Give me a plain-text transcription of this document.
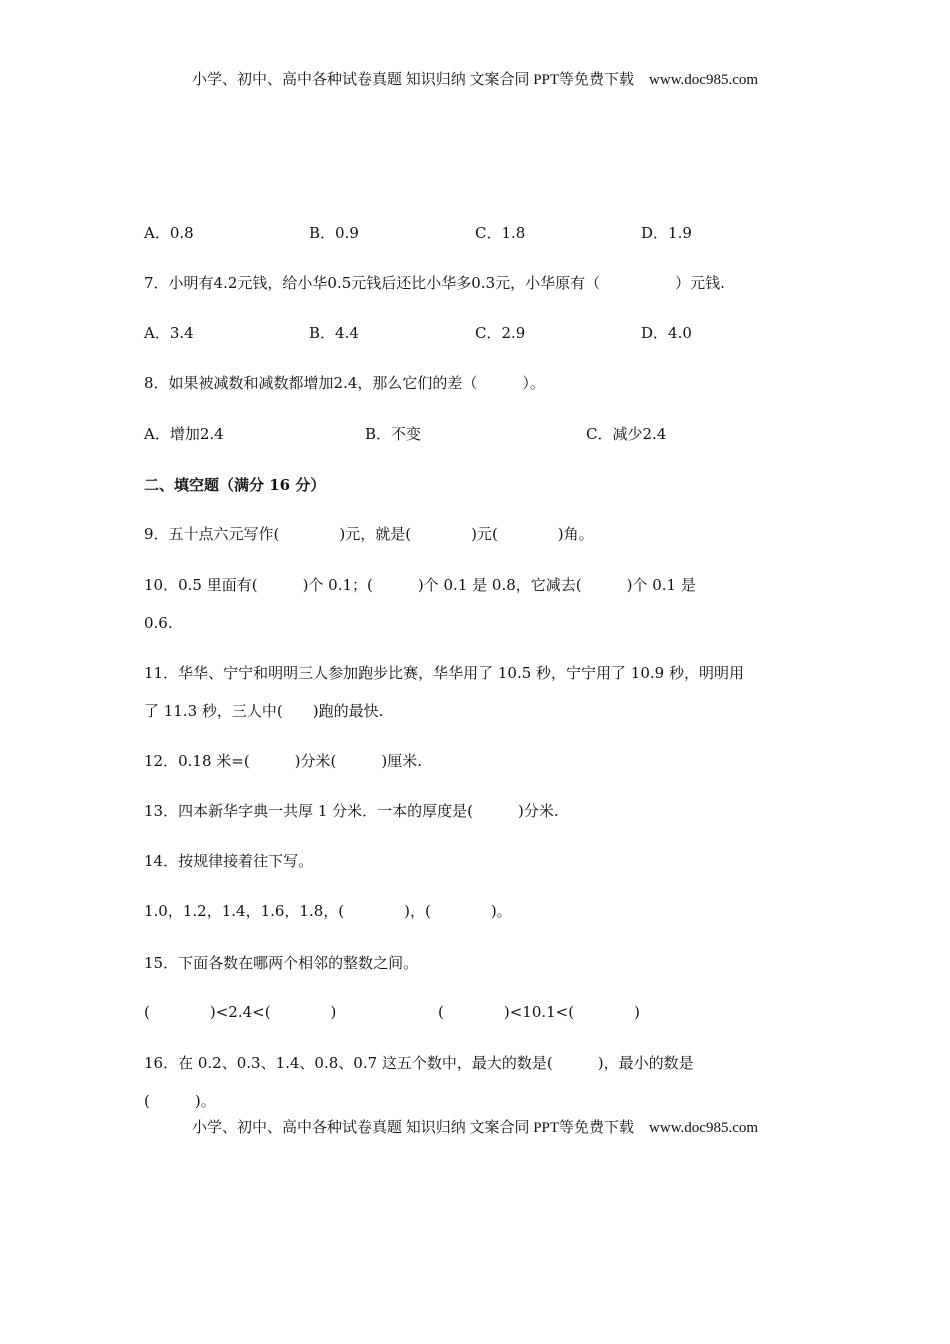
小学、初中、高中各种试卷真题 知识归纳 文案合同 PPT等免费下载    www.doc985.com
A．0.8	B．0.9	C．1.8	D．1.9
7．小明有4.2元钱，给小华0.5元钱后还比小华多0.3元，小华原有（　　　　　）元钱.
A．3.4	B．4.4	C．2.9	D．4.0
8．如果被减数和减数都增加2.4，那么它们的差（　　　）。
A．增加2.4	B．不变	C．减少2.4
二、填空题（满分 16 分）
9．五十点六元写作(　　　　)元，就是(　　　　)元(　　　　)角。
10．0.5 里面有(　　　)个 0.1；(　　　)个 0.1 是 0.8，它减去(　　　)个 0.1 是
0.6.
11．华华、宁宁和明明三人参加跑步比赛，华华用了 10.5 秒，宁宁用了 10.9 秒，明明用
了 11.3 秒，三人中(　　)跑的最快.
12．0.18 米=(　　　)分米(　　　)厘米.
13．四本新华字典一共厚 1 分米．一本的厚度是(　　　)分米.
14．按规律接着往下写。
1.0，1.2，1.4，1.6，1.8，(　　　　)，(　　　　)。
15．下面各数在哪两个相邻的整数之间。
(　　　　)<2.4<(　　　　)	(　　　　)<10.1<(　　　　)
16．在 0.2、0.3、1.4、0.8、0.7 这五个数中，最大的数是(　　　)，最小的数是
(　　　)。
小学、初中、高中各种试卷真题 知识归纳 文案合同 PPT等免费下载    www.doc985.com
